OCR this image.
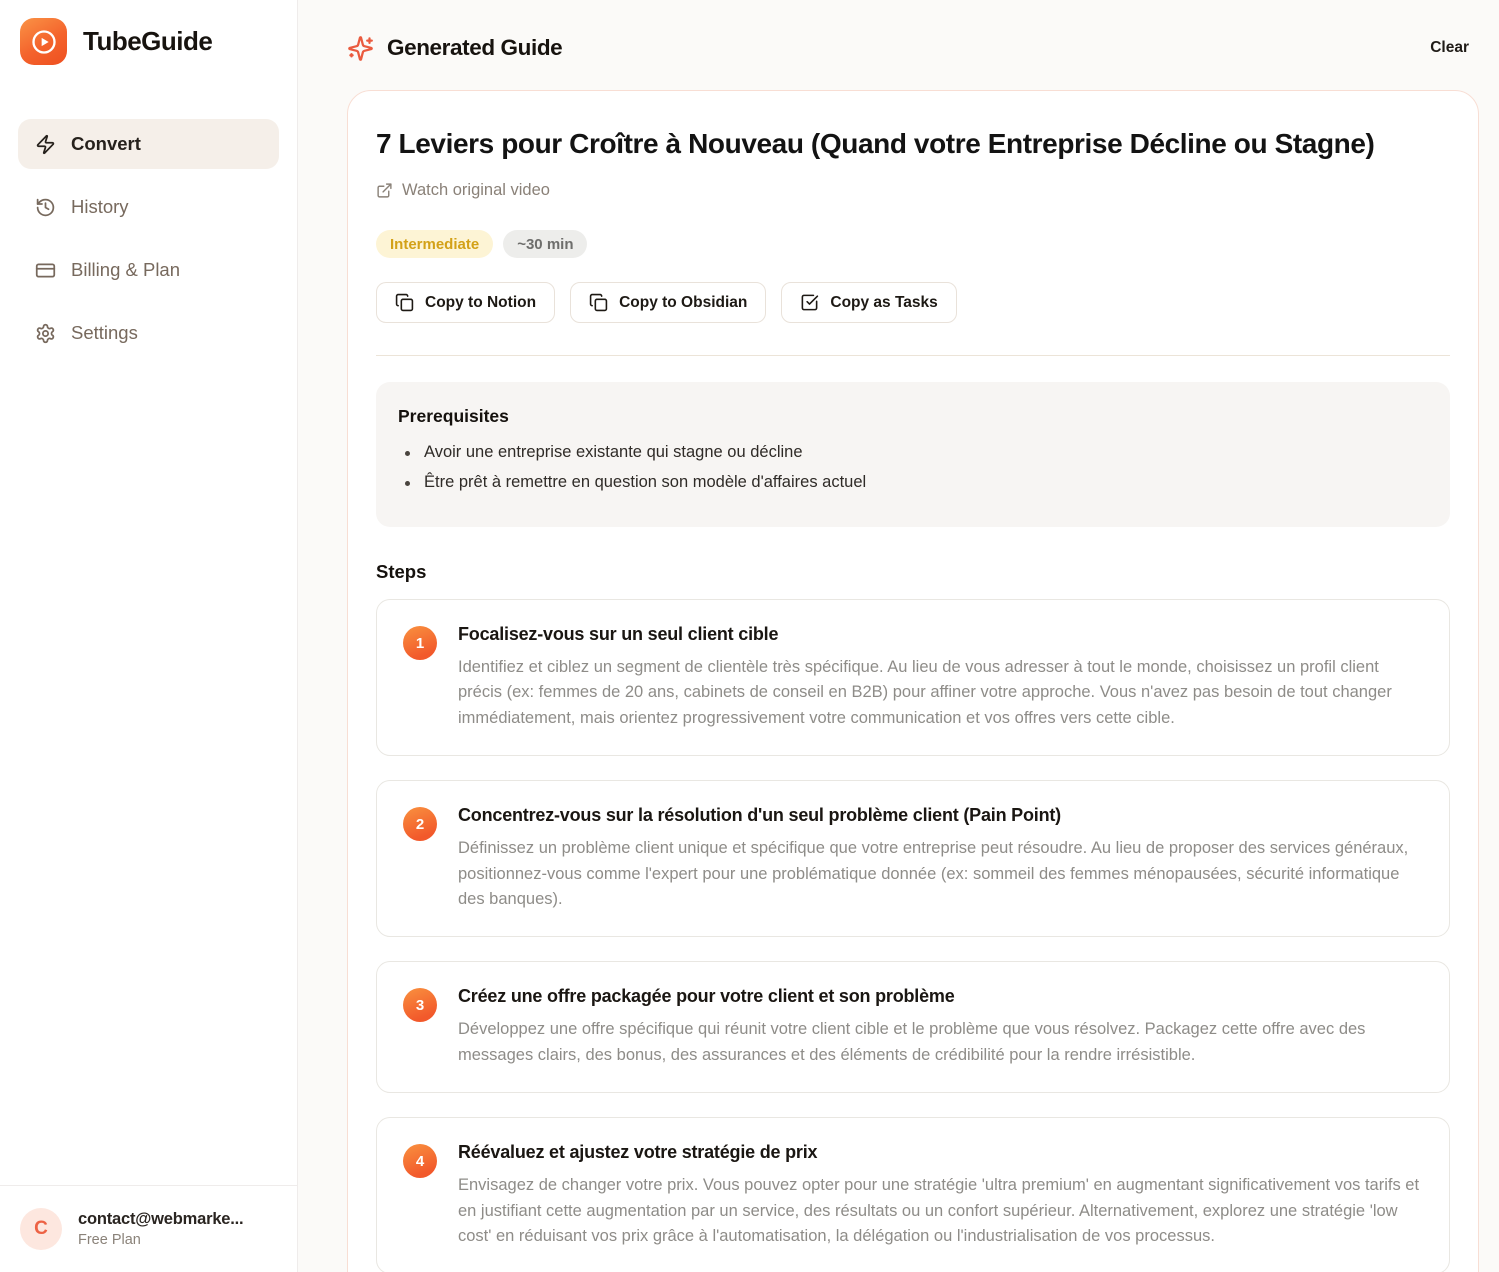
TubeGuide
Convert
History
Billing & Plan
Settings
C	contact@webmarke...
Free Plan
Generated Guide	Clear
7 Leviers pour Croître à Nouveau (Quand votre Entreprise Décline ou Stagne)
Watch original video
Intermediate	~30 min
Copy to Notion	Copy to Obsidian	Copy as Tasks
Prerequisites
Avoir une entreprise existante qui stagne ou décline
Être prêt à remettre en question son modèle d'affaires actuel
Steps
1	Focalisez-vous sur un seul client cible
Identifiez et ciblez un segment de clientèle très spécifique. Au lieu de vous adresser à tout le monde, choisissez un profil client précis (ex: femmes de 20 ans, cabinets de conseil en B2B) pour affiner votre approche. Vous n'avez pas besoin de tout changer immédiatement, mais orientez progressivement votre communication et vos offres vers cette cible.
2	Concentrez-vous sur la résolution d'un seul problème client (Pain Point)
Définissez un problème client unique et spécifique que votre entreprise peut résoudre. Au lieu de proposer des services généraux, positionnez-vous comme l'expert pour une problématique donnée (ex: sommeil des femmes ménopausées, sécurité informatique des banques).
3	Créez une offre packagée pour votre client et son problème
Développez une offre spécifique qui réunit votre client cible et le problème que vous résolvez. Packagez cette offre avec des messages clairs, des bonus, des assurances et des éléments de crédibilité pour la rendre irrésistible.
4	Réévaluez et ajustez votre stratégie de prix
Envisagez de changer votre prix. Vous pouvez opter pour une stratégie 'ultra premium' en augmentant significativement vos tarifs et en justifiant cette augmentation par un service, des résultats ou un confort supérieur. Alternativement, explorez une stratégie 'low cost' en réduisant vos prix grâce à l'automatisation, la délégation ou l'industrialisation de vos processus.
